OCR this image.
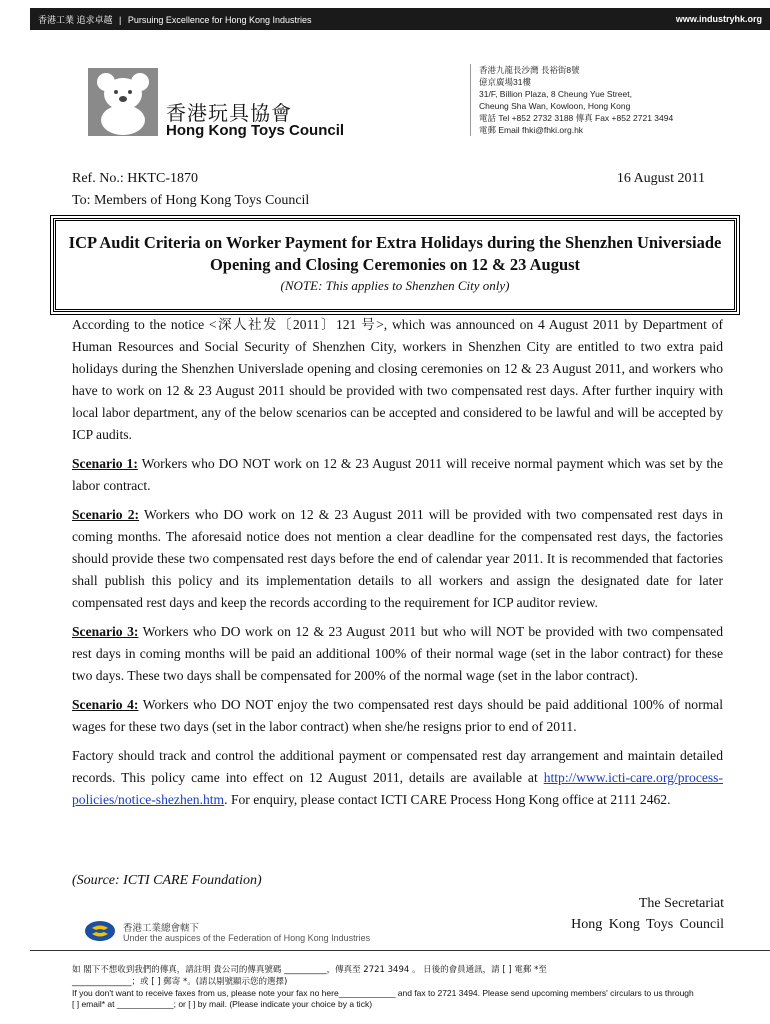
香港工業 追求卓越 | Pursuing Excellence for Hong Kong Industries	www.industryhk.org
香港玩具協會
Hong Kong Toys Council
香港九龍長沙灣 長裕街8號
億京廣場31樓
31/F, Billion Plaza, 8 Cheung Yue Street,
Cheung Sha Wan, Kowloon, Hong Kong
電話 Tel +852 2732 3188 傳真 Fax +852 2721 3494
電郵 Email fhki@fhki.org.hk
Ref. No.: HKTC-1870	16 August 2011
To: Members of Hong Kong Toys Council
ICP Audit Criteria on Worker Payment for Extra Holidays during the Shenzhen Universiade Opening and Closing Ceremonies on 12 & 23 August
(NOTE: This applies to Shenzhen City only)

According to the notice <深人社发〔2011〕121 号>, which was announced on 4 August 2011 by Department of Human Resources and Social Security of Shenzhen City, workers in Shenzhen City are entitled to two extra paid holidays during the Shenzhen Universlade opening and closing ceremonies on 12 & 23 August 2011, and workers who have to work on 12 & 23 August 2011 should be provided with two compensated rest days. After further inquiry with local labor department, any of the below scenarios can be accepted and considered to be lawful and will be accepted by ICP audits.

Scenario 1: Workers who DO NOT work on 12 & 23 August 2011 will receive normal payment which was set by the labor contract.

Scenario 2: Workers who DO work on 12 & 23 August 2011 will be provided with two compensated rest days in coming months. The aforesaid notice does not mention a clear deadline for the compensated rest days, the factories should provide these two compensated rest days before the end of calendar year 2011. It is recommended that factories shall publish this policy and its implementation details to all workers and assign the designated date for later compensated rest days and keep the records according to the requirement for ICP auditor review.

Scenario 3: Workers who DO work on 12 & 23 August 2011 but who will NOT be provided with two compensated rest days in coming months will be paid an additional 100% of their normal wage (set in the labor contract) for these two days. These two days shall be compensated for 200% of the normal wage (set in the labor contract).

Scenario 4: Workers who DO NOT enjoy the two compensated rest days should be paid additional 100% of normal wages for these two days (set in the labor contract) when she/he resigns prior to end of 2011.

Factory should track and control the additional payment or compensated rest day arrangement and maintain detailed records. This policy came into effect on 12 August 2011, details are available at http://www.icti-care.org/process-policies/notice-shezhen.htm. For enquiry, please contact ICTI CARE Process Hong Kong office at 2111 2462.

(Source: ICTI CARE Foundation)
The Secretariat
Hong Kong Toys Council
香港工業總會轄下
Under the auspices of the Federation of Hong Kong Industries
如 閣下不想收到我們的傳真，請註明 貴公司的傳真號碼 __________，傳真至 2721 3494 。 日後的會員通訊，請 [ ] 電郵 *至
______________；或 [ ] 郵寄 *。(請以剔號顯示您的選擇)
If you don't want to receive faxes from us, please note your fax no here____________ and fax to 2721 3494. Please send upcoming members' circulars to us through
[ ] email* at ____________; or [ ] by mail. (Please indicate your choice by a tick)
